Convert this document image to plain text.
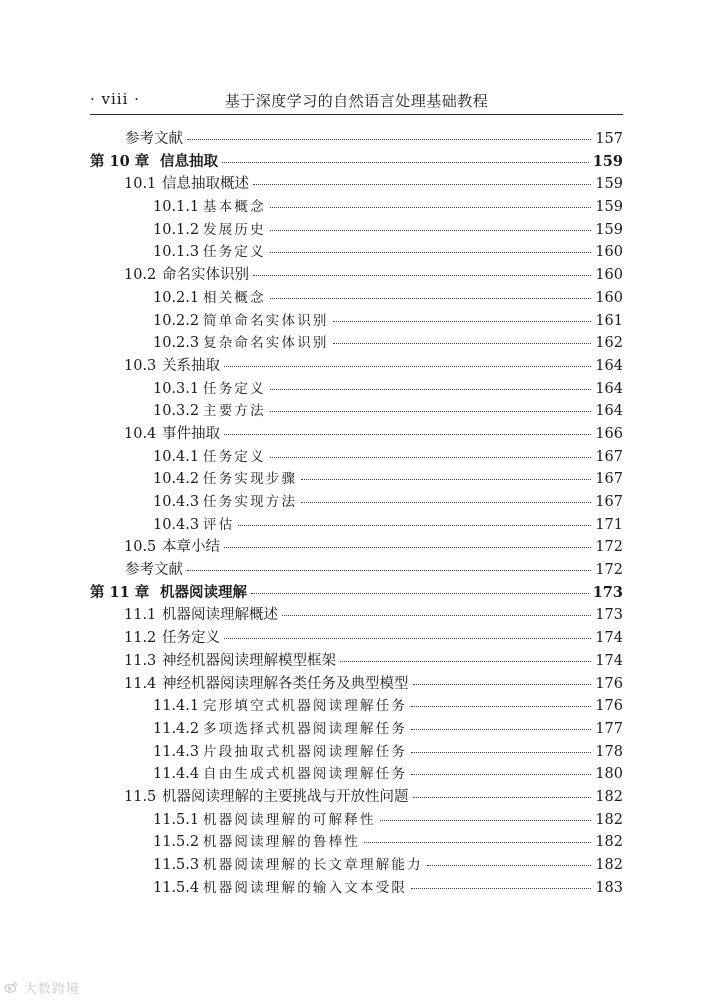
· viii ·	基于深度学习的自然语言处理基础教程
参考文献	157
第 10 章 信息抽取	159
10.1 信息抽取概述	159
10.1.1 基本概念	159
10.1.2 发展历史	159
10.1.3 任务定义	160
10.2 命名实体识别	160
10.2.1 相关概念	160
10.2.2 简单命名实体识别	161
10.2.3 复杂命名实体识别	162
10.3 关系抽取	164
10.3.1 任务定义	164
10.3.2 主要方法	164
10.4 事件抽取	166
10.4.1 任务定义	167
10.4.2 任务实现步骤	167
10.4.3 任务实现方法	167
10.4.3 评估	171
10.5 本章小结	172
参考文献	172
第 11 章 机器阅读理解	173
11.1 机器阅读理解概述	173
11.2 任务定义	174
11.3 神经机器阅读理解模型框架	174
11.4 神经机器阅读理解各类任务及典型模型	176
11.4.1 完形填空式机器阅读理解任务	176
11.4.2 多项选择式机器阅读理解任务	177
11.4.3 片段抽取式机器阅读理解任务	178
11.4.4 自由生成式机器阅读理解任务	180
11.5 机器阅读理解的主要挑战与开放性问题	182
11.5.1 机器阅读理解的可解释性	182
11.5.2 机器阅读理解的鲁棒性	182
11.5.3 机器阅读理解的长文章理解能力	182
11.5.4 机器阅读理解的输入文本受限	183
大数跨境
